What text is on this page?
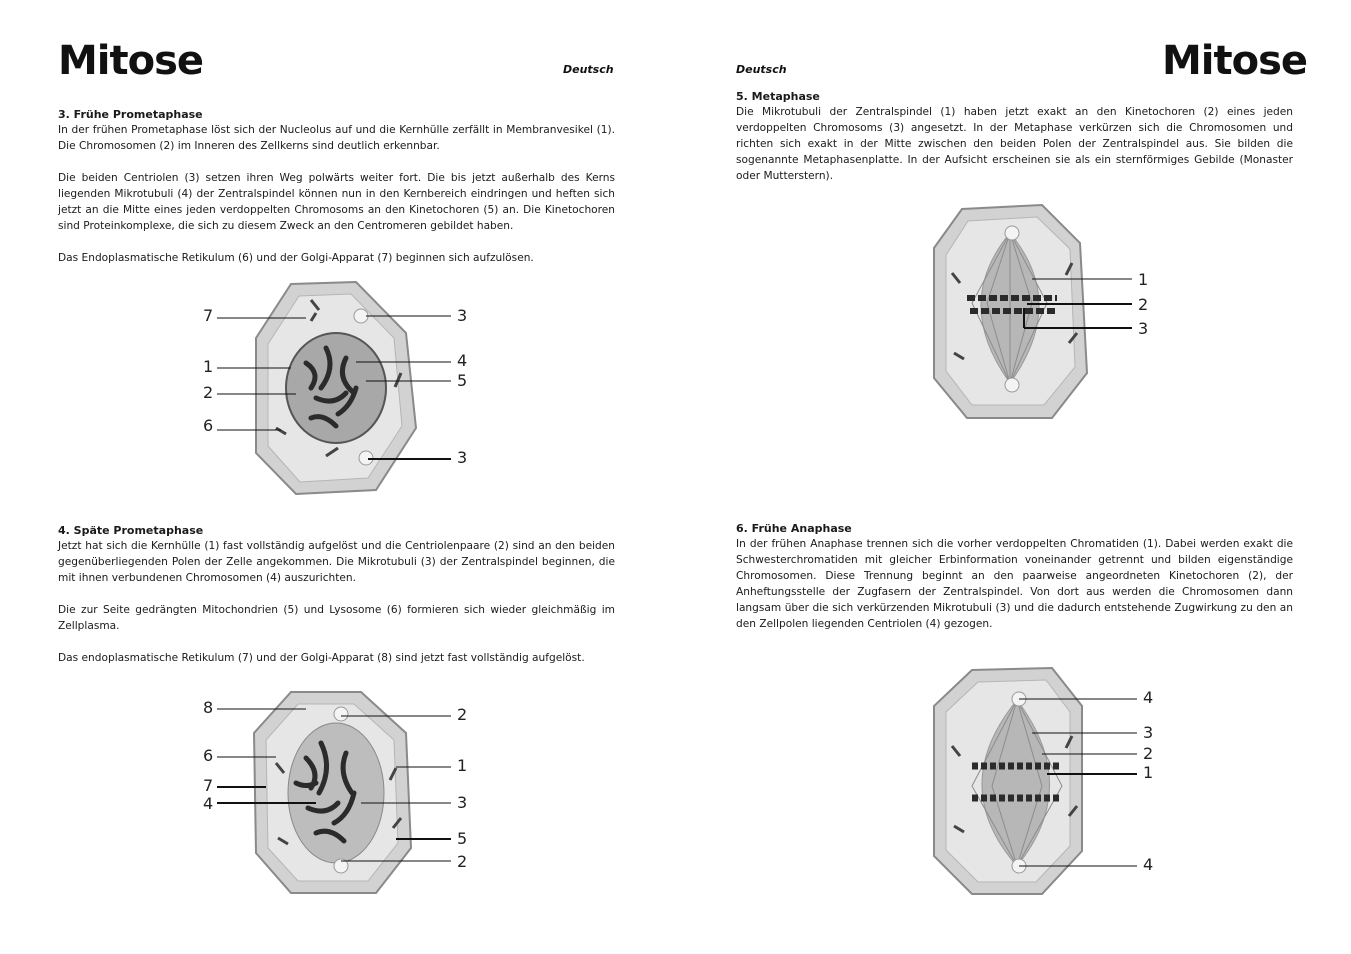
Mitose	Deutsch
3. Frühe Prometaphase

In der frühen Prometaphase löst sich der Nucleolus auf und die Kernhülle zerfällt in Membranvesikel (1). Die Chromosomen (2) im Inneren des Zellkerns sind deutlich erkennbar.

Die beiden Centriolen (3) setzen ihren Weg polwärts weiter fort. Die bis jetzt außerhalb des Kerns liegenden Mikrotubuli (4) der Zentralspindel können nun in den Kernbereich eindringen und heften sich jetzt an die Mitte eines jeden verdoppelten Chromosoms an den Kinetochoren (5) an. Die Kinetochoren sind Proteinkomplexe, die sich zu diesem Zweck an den Centromeren gebildet haben.

Das Endoplasmatische Retikulum (6) und der Golgi-Apparat (7) beginnen sich aufzulösen.

7
1
2
6
3
4
5
3
4. Späte Prometaphase

Jetzt hat sich die Kernhülle (1) fast vollständig aufgelöst und die Centriolenpaare (2) sind an den beiden gegenüberliegenden Polen der Zelle angekommen. Die Mikrotubuli (3) der Zentralspindel beginnen, die mit ihnen verbundenen Chromosomen (4) auszurichten.

Die zur Seite gedrängten Mitochondrien (5) und Lysosome (6) formieren sich wieder gleichmäßig im Zellplasma.

Das endoplasmatische Retikulum (7) und der Golgi-Apparat (8) sind jetzt fast vollständig aufgelöst.

8
6
7
4
2
1
3
5
2
Mitose
Deutsch
5. Metaphase

Die Mikrotubuli der Zentralspindel (1) haben jetzt exakt an den Kinetochoren (2) eines jeden verdoppelten Chromosoms (3) angesetzt. In der Metaphase verkürzen sich die Chromosomen und richten sich exakt in der Mitte zwischen den beiden Polen der Zentralspindel aus. Sie bilden die sogenannte Metaphasenplatte. In der Aufsicht erscheinen sie als ein sternförmiges Gebilde (Monaster oder Mutterstern).

1
2
3
6. Frühe Anaphase

In der frühen Anaphase trennen sich die vorher verdoppelten Chromatiden (1). Dabei werden exakt die Schwesterchromatiden mit gleicher Erbinformation voneinander getrennt und bilden eigenständige Chromosomen. Diese Trennung beginnt an den paarweise angeordneten Kinetochoren (2), der Anheftungsstelle der Zugfasern der Zentralspindel. Von dort aus werden die Chromosomen dann langsam über die sich verkürzenden Mikrotubuli (3) und die dadurch entstehende Zugwirkung zu den an den Zellpolen liegenden Centriolen (4) gezogen.

4
3
2
1
4
